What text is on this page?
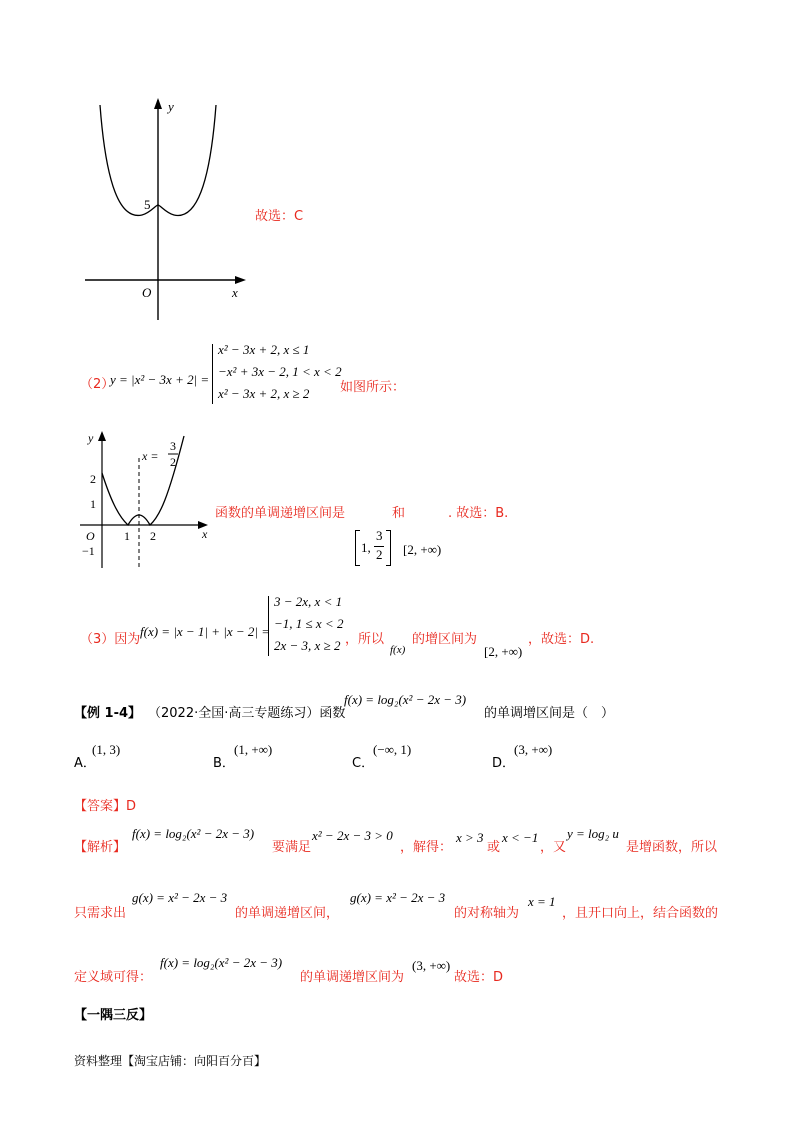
y
5
O	x
故选：C
（2）
y = |x² − 3x + 2| =
x² − 3x + 2, x ≤ 1
−x² + 3x − 2, 1 < x < 2
x² − 3x + 2, x ≥ 2 如图所示：
y
2
1
O
−1
1 2	x
x =
3
2
函数的单调递增区间是	和	. 故选：B.
1,
3
2 [2, +∞)
（3）因为
f(x) = |x − 1| + |x − 2| =
3 − 2x, x < 1
−1, 1 ≤ x < 2
2x − 3, x ≥ 2 ，所以
f(x)
的增区间为
[2, +∞)
，故选：D.
【例 1-4】 （2022·全国·高三专题练习）函数
f(x) = log₂(x² − 2x − 3)
的单调增区间是（　）
A．
(1, 3)
B．
(1, +∞)
C．
(−∞, 1)
D．
(3, +∞)
【答案】D
【解析】
f(x) = log₂(x² − 2x − 3)
要满足
x² − 2x − 3 > 0
，解得：
x > 3
或
x < −1
，又
y = log₂ u
是增函数，所以
只需求出
g(x) = x² − 2x − 3
的单调递增区间，
g(x) = x² − 2x − 3
的对称轴为
x = 1
，且开口向上，结合函数的
定义域可得：
f(x) = log₂(x² − 2x − 3)
的单调递增区间为
(3, +∞)
故选：D
【一隅三反】
资料整理【淘宝店铺：向阳百分百】
